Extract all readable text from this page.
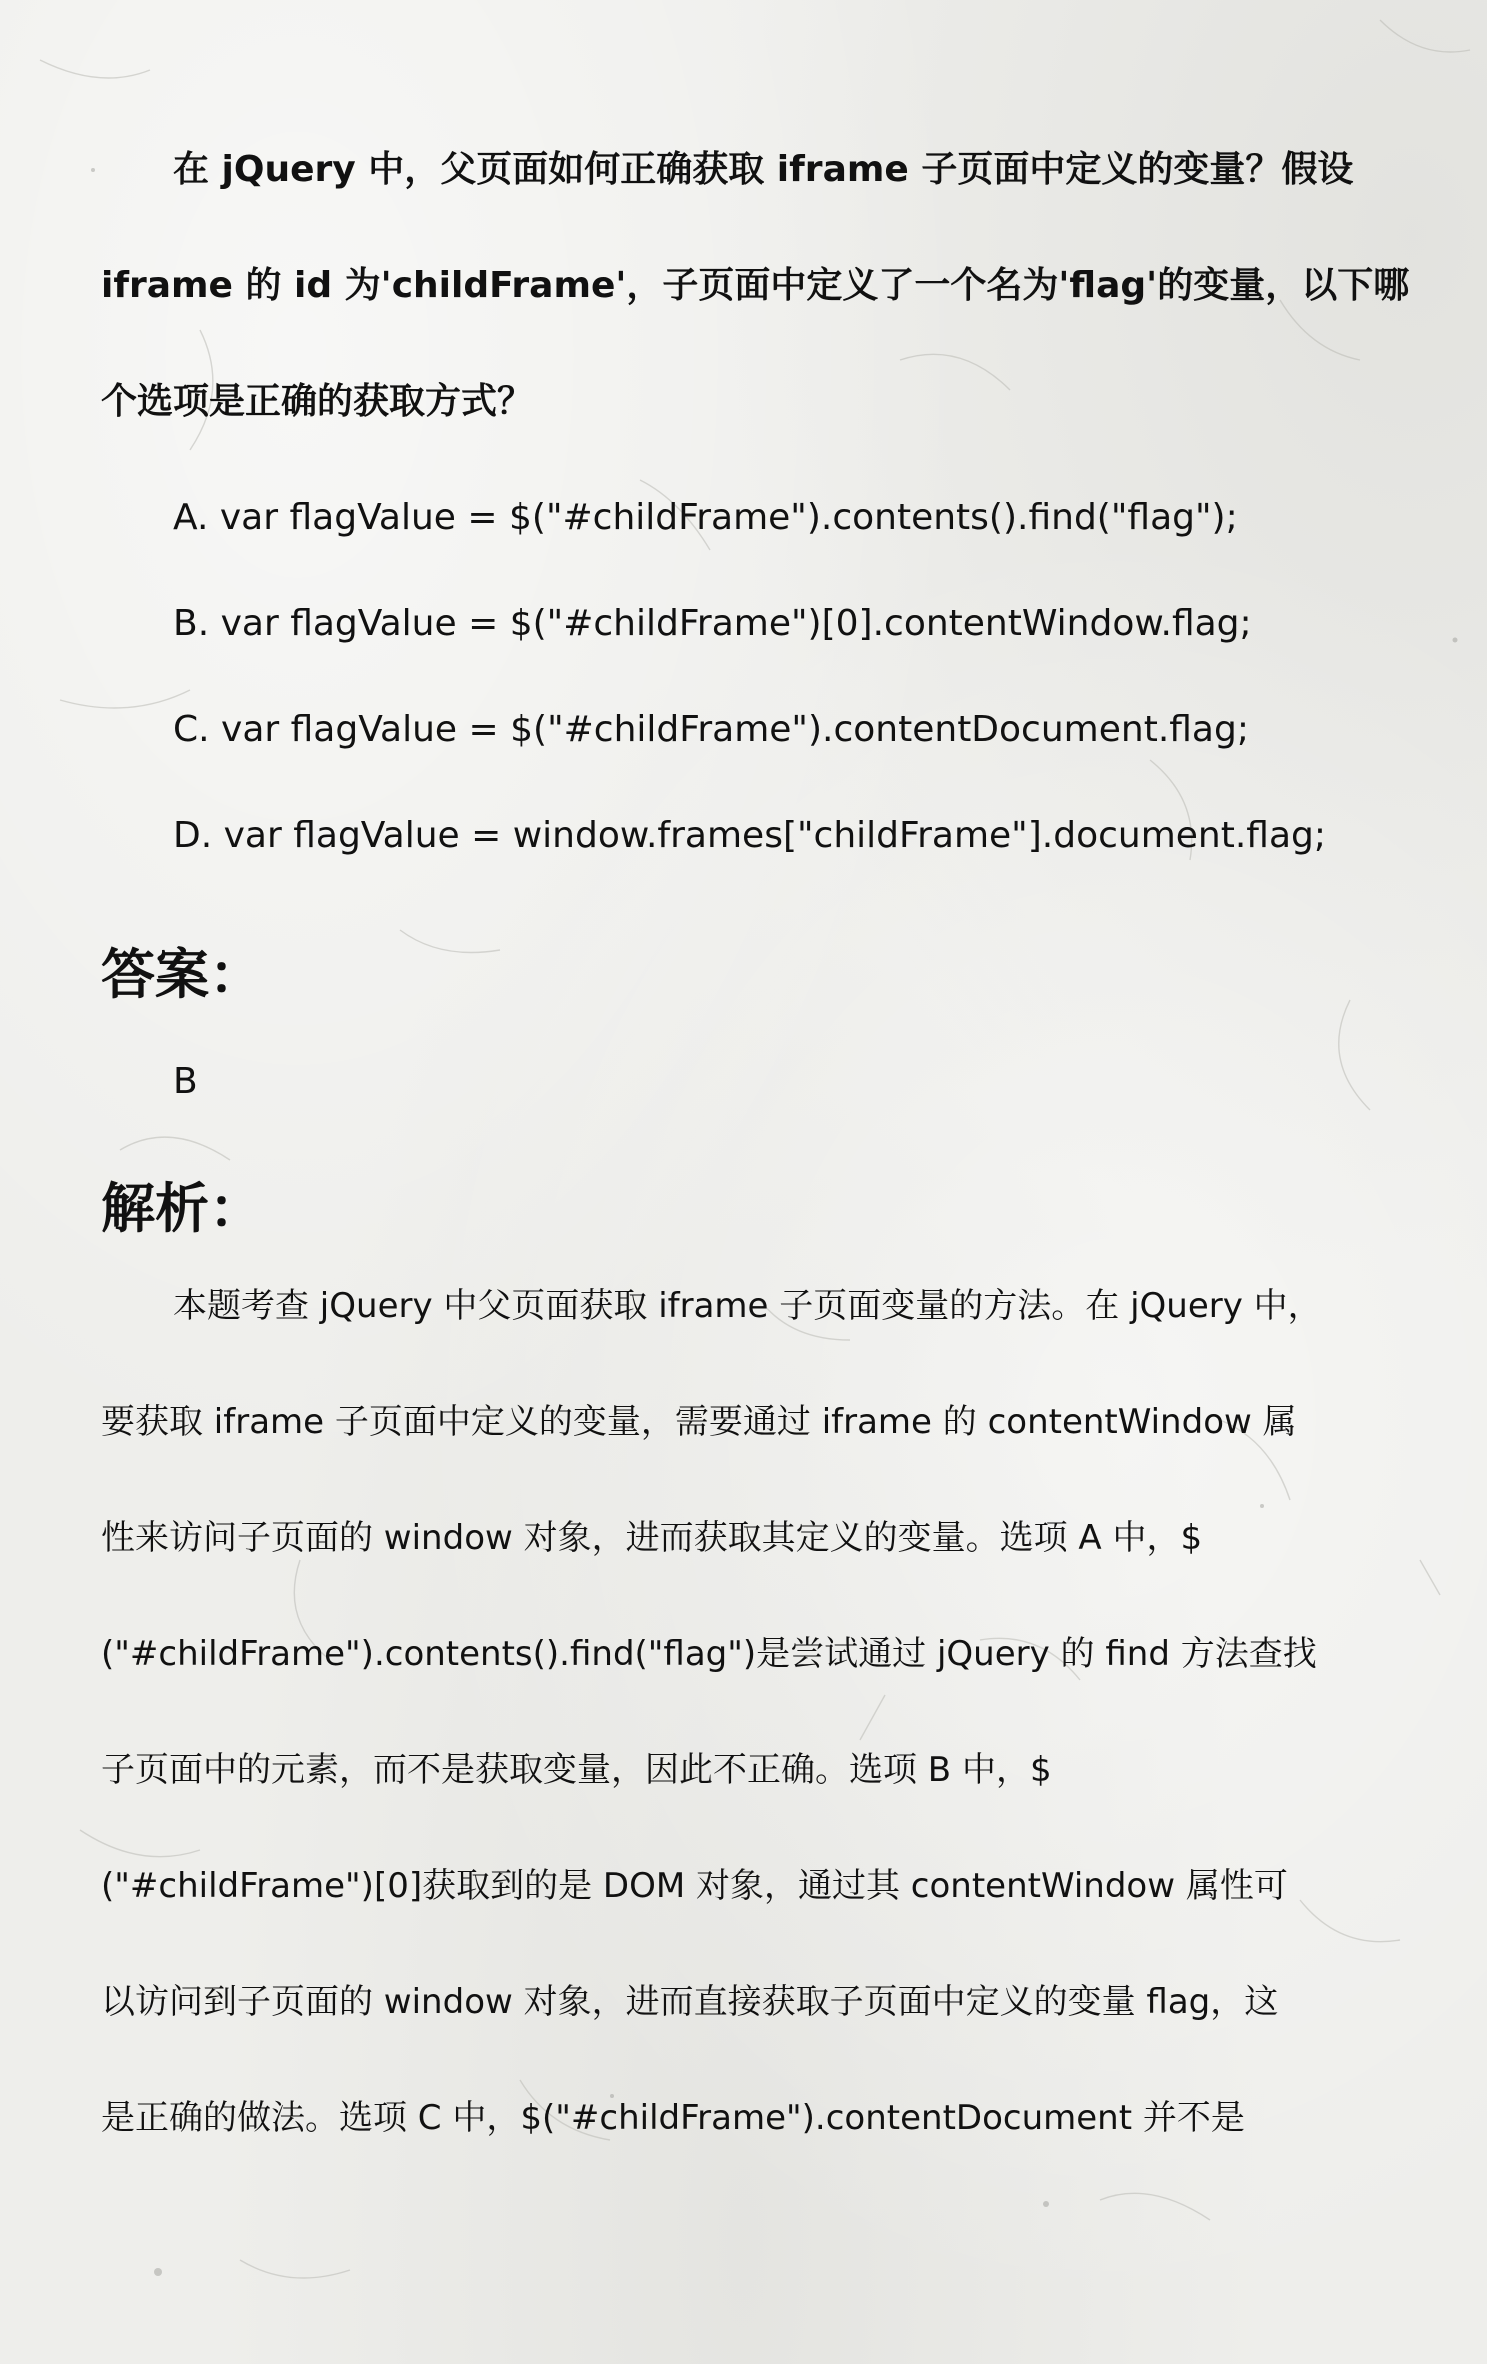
在 jQuery 中，父页面如何正确获取 iframe 子页面中定义的变量？假设
iframe 的 id 为'childFrame'，子页面中定义了一个名为'flag'的变量，以下哪
个选项是正确的获取方式？
A. var flagValue = $("#childFrame").contents().find("flag");
B. var flagValue = $("#childFrame")[0].contentWindow.flag;
C. var flagValue = $("#childFrame").contentDocument.flag;
D. var flagValue = window.frames["childFrame"].document.flag;
答案：
B
解析：
本题考查 jQuery 中父页面获取 iframe 子页面变量的方法。在 jQuery 中，
要获取 iframe 子页面中定义的变量，需要通过 iframe 的 contentWindow 属
性来访问子页面的 window 对象，进而获取其定义的变量。选项 A 中，$
("#childFrame").contents().find("flag")是尝试通过 jQuery 的 find 方法查找
子页面中的元素，而不是获取变量，因此不正确。选项 B 中，$
("#childFrame")[0]获取到的是 DOM 对象，通过其 contentWindow 属性可
以访问到子页面的 window 对象，进而直接获取子页面中定义的变量 flag，这
是正确的做法。选项 C 中，$("#childFrame").contentDocument 并不是
